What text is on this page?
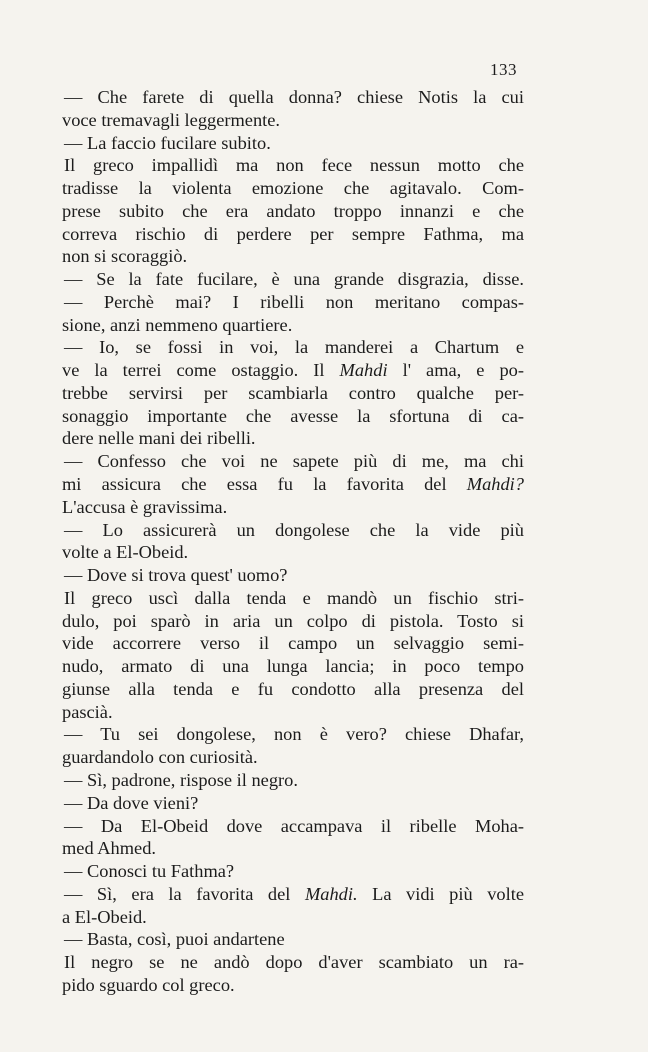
133
— Che farete di quella donna? chiese Notis la cui
voce tremavagli leggermente.
— La faccio fucilare subito.
Il greco impallidì ma non fece nessun motto che
tradisse la violenta emozione che agitavalo. Com-
prese subito che era andato troppo innanzi e che
correva rischio di perdere per sempre Fathma, ma
non si scoraggiò.
— Se la fate fucilare, è una grande disgrazia, disse.
— Perchè mai? I ribelli non meritano compas-
sione, anzi nemmeno quartiere.
— Io, se fossi in voi, la manderei a Chartum e
ve la terrei come ostaggio. Il Mahdi l' ama, e po-
trebbe servirsi per scambiarla contro qualche per-
sonaggio importante che avesse la sfortuna di ca-
dere nelle mani dei ribelli.
— Confesso che voi ne sapete più di me, ma chi
mi assicura che essa fu la favorita del Mahdi?
L'accusa è gravissima.
— Lo assicurerà un dongolese che la vide più
volte a El-Obeid.
— Dove si trova quest' uomo?
Il greco uscì dalla tenda e mandò un fischio stri-
dulo, poi sparò in aria un colpo di pistola. Tosto si
vide accorrere verso il campo un selvaggio semi-
nudo, armato di una lunga lancia; in poco tempo
giunse alla tenda e fu condotto alla presenza del
pascià.
— Tu sei dongolese, non è vero? chiese Dhafar,
guardandolo con curiosità.
— Sì, padrone, rispose il negro.
— Da dove vieni?
— Da El-Obeid dove accampava il ribelle Moha-
med Ahmed.
— Conosci tu Fathma?
— Sì, era la favorita del Mahdi. La vidi più volte
a El-Obeid.
— Basta, così, puoi andartene
Il negro se ne andò dopo d'aver scambiato un ra-
pido sguardo col greco.
